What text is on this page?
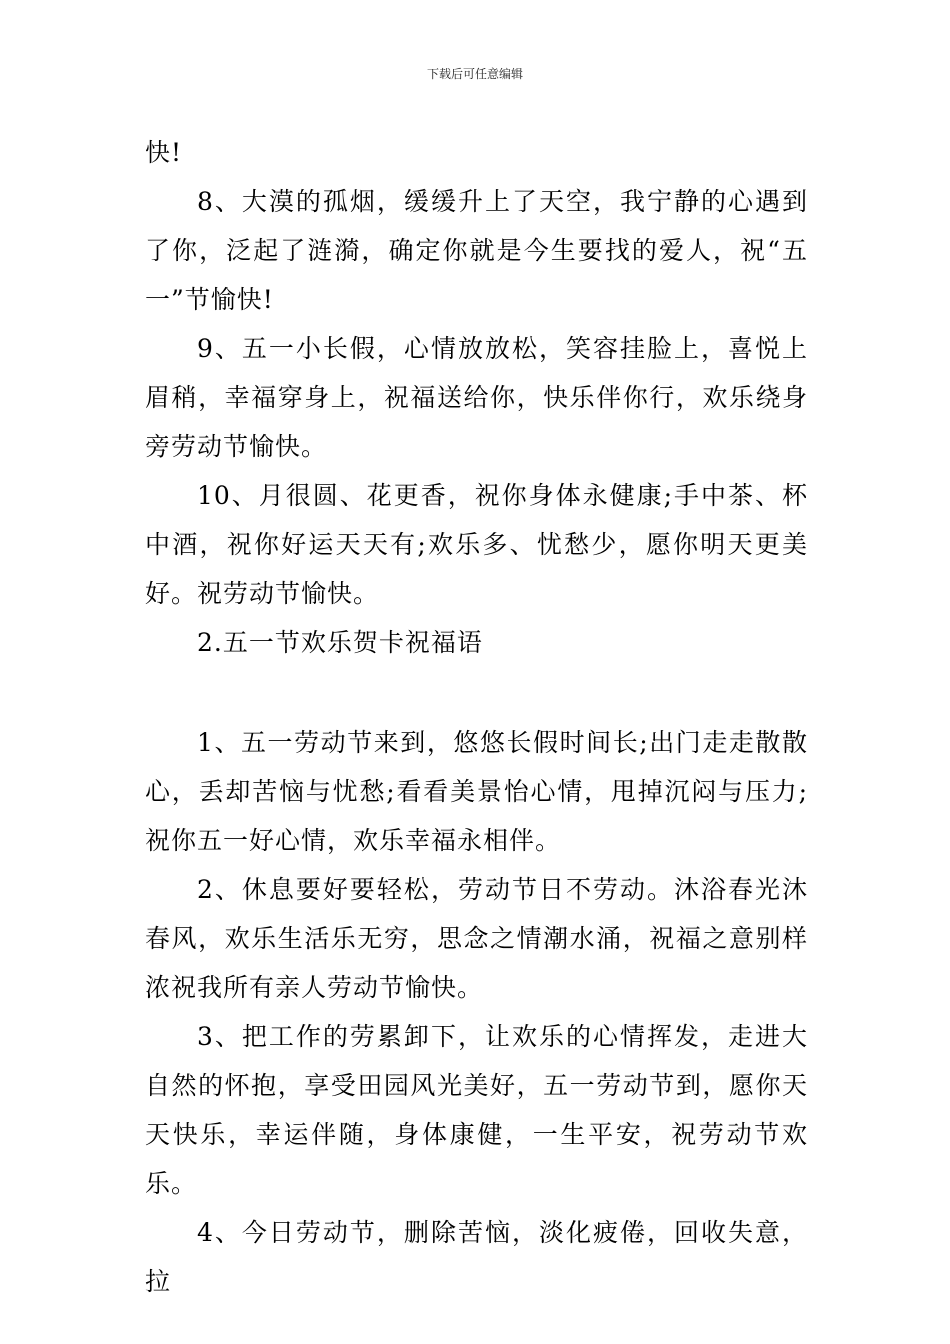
下载后可任意编辑

快!

8、大漠的孤烟，缓缓升上了天空，我宁静的心遇到了你，泛起了涟漪，确定你就是今生要找的爱人，祝“五一”节愉快!

9、五一小长假，心情放放松，笑容挂脸上，喜悦上眉稍，幸福穿身上，祝福送给你，快乐伴你行，欢乐绕身旁劳动节愉快。

10、月很圆、花更香，祝你身体永健康;手中茶、杯中酒，祝你好运天天有;欢乐多、忧愁少，愿你明天更美好。祝劳动节愉快。

2.五一节欢乐贺卡祝福语

1、五一劳动节来到，悠悠长假时间长;出门走走散散心，丢却苦恼与忧愁;看看美景怡心情，甩掉沉闷与压力;祝你五一好心情，欢乐幸福永相伴。

2、休息要好要轻松，劳动节日不劳动。沐浴春光沐春风，欢乐生活乐无穷，思念之情潮水涌，祝福之意别样浓祝我所有亲人劳动节愉快。

3、把工作的劳累卸下，让欢乐的心情挥发，走进大自然的怀抱，享受田园风光美好，五一劳动节到，愿你天天快乐，幸运伴随，身体康健，一生平安，祝劳动节欢乐。

4、今日劳动节，删除苦恼，淡化疲倦，回收失意，拉
